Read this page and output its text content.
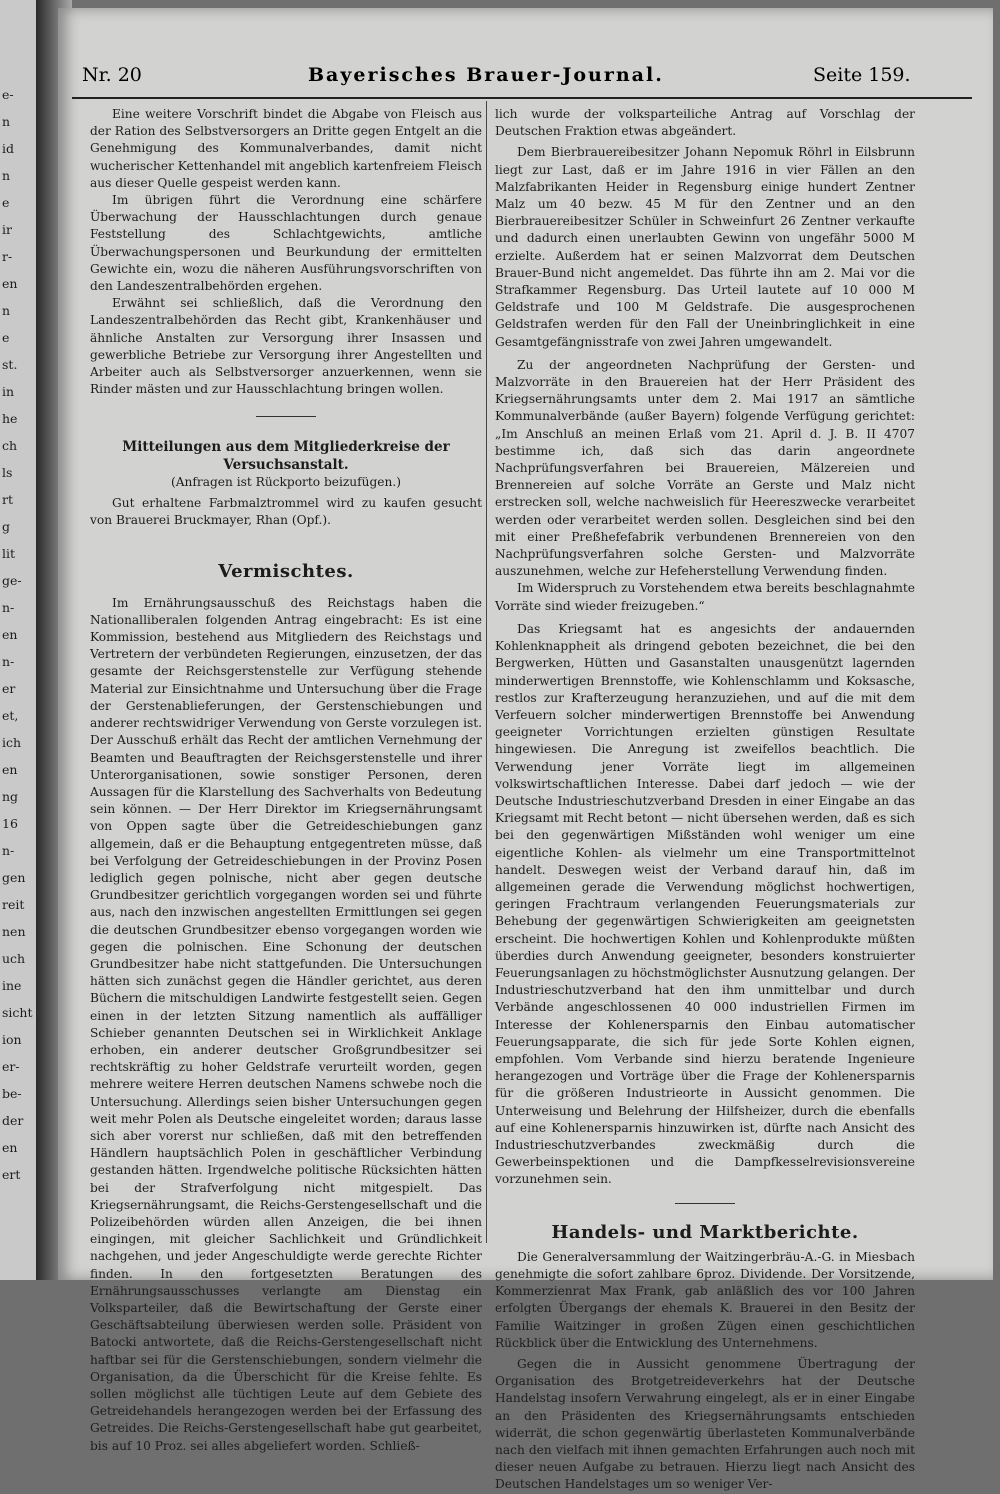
e-
n
id
n
e
ir
r-
en
n
e
st.
in
he
ch
ls
rt
g
lit
ge-
n-
en
n-
er
et,
ich
en
ng
16
n-
gen
reit
nen
uch
ine
sicht
ion
er-
be-
der
en
ert
Nr. 20	Bayerisches Brauer-Journal.	Seite 159.

Eine weitere Vorschrift bindet die Abgabe von Fleisch aus der Ration des Selbstversorgers an Dritte gegen Entgelt an die Genehmigung des Kommunalverbandes, damit nicht wucherischer Kettenhandel mit angeblich kartenfreiem Fleisch aus dieser Quelle gespeist werden kann.

Im übrigen führt die Verordnung eine schärfere Überwachung der Hausschlachtungen durch genaue Feststellung des Schlachtgewichts, amtliche Überwachungspersonen und Beurkundung der ermittelten Gewichte ein, wozu die näheren Ausführungsvorschriften von den Landeszentralbehörden ergehen.

Erwähnt sei schließlich, daß die Verordnung den Landeszentralbehörden das Recht gibt, Krankenhäuser und ähnliche Anstalten zur Versorgung ihrer Insassen und gewerbliche Betriebe zur Versorgung ihrer Angestellten und Arbeiter auch als Selbstversorger anzuerkennen, wenn sie Rinder mästen und zur Hausschlachtung bringen wollen.

Mitteilungen aus dem Mitgliederkreise der Versuchsanstalt.

(Anfragen ist Rückporto beizufügen.)

Gut erhaltene Farbmalztrommel wird zu kaufen gesucht von Brauerei Bruckmayer, Rhan (Opf.).

Vermischtes.

Im Ernährungsausschuß des Reichstags haben die Nationalliberalen folgenden Antrag eingebracht: Es ist eine Kommission, bestehend aus Mitgliedern des Reichstags und Vertretern der verbündeten Regierungen, einzusetzen, der das gesamte der Reichsgerstenstelle zur Verfügung stehende Material zur Einsichtnahme und Untersuchung über die Frage der Gerstenablieferungen, der Gerstenschiebungen und anderer rechtswidriger Verwendung von Gerste vorzulegen ist. Der Ausschuß erhält das Recht der amtlichen Vernehmung der Beamten und Beauftragten der Reichsgerstenstelle und ihrer Unterorganisationen, sowie sonstiger Personen, deren Aussagen für die Klarstellung des Sachverhalts von Bedeutung sein können. — Der Herr Direktor im Kriegsernährungsamt von Oppen sagte über die Getreideschiebungen ganz allgemein, daß er die Behauptung entgegentreten müsse, daß bei Verfolgung der Getreideschiebungen in der Provinz Posen lediglich gegen polnische, nicht aber gegen deutsche Grundbesitzer gerichtlich vorgegangen worden sei und führte aus, nach den inzwischen angestellten Ermittlungen sei gegen die deutschen Grundbesitzer ebenso vorgegangen worden wie gegen die polnischen. Eine Schonung der deutschen Grundbesitzer habe nicht stattgefunden. Die Untersuchungen hätten sich zunächst gegen die Händler gerichtet, aus deren Büchern die mitschuldigen Landwirte festgestellt seien. Gegen einen in der letzten Sitzung namentlich als auffälliger Schieber genannten Deutschen sei in Wirklichkeit Anklage erhoben, ein anderer deutscher Großgrundbesitzer sei rechtskräftig zu hoher Geldstrafe verurteilt worden, gegen mehrere weitere Herren deutschen Namens schwebe noch die Untersuchung. Allerdings seien bisher Untersuchungen gegen weit mehr Polen als Deutsche eingeleitet worden; daraus lasse sich aber vorerst nur schließen, daß mit den betreffenden Händlern hauptsächlich Polen in geschäftlicher Verbindung gestanden hätten. Irgendwelche politische Rücksichten hätten bei der Strafverfolgung nicht mitgespielt. Das Kriegsernährungsamt, die Reichs-Gerstengesellschaft und die Polizeibehörden würden allen Anzeigen, die bei ihnen eingingen, mit gleicher Sachlichkeit und Gründlichkeit nachgehen, und jeder Angeschuldigte werde gerechte Richter finden. In den fortgesetzten Beratungen des Ernährungsausschusses verlangte am Dienstag ein Volksparteiler, daß die Bewirtschaftung der Gerste einer Geschäftsabteilung überwiesen werden solle. Präsident von Batocki antwortete, daß die Reichs-Gerstengesellschaft nicht haftbar sei für die Gerstenschiebungen, sondern vielmehr die Organisation, da die Überschicht für die Kreise fehlte. Es sollen möglichst alle tüchtigen Leute auf dem Gebiete des Getreidehandels herangezogen werden bei der Erfassung des Getreides. Die Reichs-Gerstengesellschaft habe gut gearbeitet, bis auf 10 Proz. sei alles abgeliefert worden. Schließ-

lich wurde der volksparteiliche Antrag auf Vorschlag der Deutschen Fraktion etwas abgeändert.

Dem Bierbrauereibesitzer Johann Nepomuk Röhrl in Eilsbrunn liegt zur Last, daß er im Jahre 1916 in vier Fällen an den Malzfabrikanten Heider in Regensburg einige hundert Zentner Malz um 40 bezw. 45 M für den Zentner und an den Bierbrauereibesitzer Schüler in Schweinfurt 26 Zentner verkaufte und dadurch einen unerlaubten Gewinn von ungefähr 5000 M erzielte. Außerdem hat er seinen Malzvorrat dem Deutschen Brauer-Bund nicht angemeldet. Das führte ihn am 2. Mai vor die Strafkammer Regensburg. Das Urteil lautete auf 10 000 M Geldstrafe und 100 M Geldstrafe. Die ausgesprochenen Geldstrafen werden für den Fall der Uneinbringlichkeit in eine Gesamtgefängnisstrafe von zwei Jahren umgewandelt.

Zu der angeordneten Nachprüfung der Gersten- und Malzvorräte in den Brauereien hat der Herr Präsident des Kriegsernährungsamts unter dem 2. Mai 1917 an sämtliche Kommunalverbände (außer Bayern) folgende Verfügung gerichtet: „Im Anschluß an meinen Erlaß vom 21. April d. J. B. II 4707 bestimme ich, daß sich das darin angeordnete Nachprüfungsverfahren bei Brauereien, Mälzereien und Brennereien auf solche Vorräte an Gerste und Malz nicht erstrecken soll, welche nachweislich für Heereszwecke verarbeitet werden oder verarbeitet werden sollen. Desgleichen sind bei den mit einer Preßhefefabrik verbundenen Brennereien von den Nachprüfungsverfahren solche Gersten- und Malzvorräte auszunehmen, welche zur Hefeherstellung Verwendung finden.

Im Widerspruch zu Vorstehendem etwa bereits beschlagnahmte Vorräte sind wieder freizugeben.“

Das Kriegsamt hat es angesichts der andauernden Kohlenknappheit als dringend geboten bezeichnet, die bei den Bergwerken, Hütten und Gasanstalten unausgenützt lagernden minderwertigen Brennstoffe, wie Kohlenschlamm und Koksasche, restlos zur Krafterzeugung heranzuziehen, und auf die mit dem Verfeuern solcher minderwertigen Brennstoffe bei Anwendung geeigneter Vorrichtungen erzielten günstigen Resultate hingewiesen. Die Anregung ist zweifellos beachtlich. Die Verwendung jener Vorräte liegt im allgemeinen volkswirtschaftlichen Interesse. Dabei darf jedoch — wie der Deutsche Industrieschutzverband Dresden in einer Eingabe an das Kriegsamt mit Recht betont — nicht übersehen werden, daß es sich bei den gegenwärtigen Mißständen wohl weniger um eine eigentliche Kohlen- als vielmehr um eine Transportmittelnot handelt. Deswegen weist der Verband darauf hin, daß im allgemeinen gerade die Verwendung möglichst hochwertigen, geringen Frachtraum verlangenden Feuerungsmaterials zur Behebung der gegenwärtigen Schwierigkeiten am geeignetsten erscheint. Die hochwertigen Kohlen und Kohlenprodukte müßten überdies durch Anwendung geeigneter, besonders konstruierter Feuerungsanlagen zu höchstmöglichster Ausnutzung gelangen. Der Industrieschutzverband hat den ihm unmittelbar und durch Verbände angeschlossenen 40 000 industriellen Firmen im Interesse der Kohlenersparnis den Einbau automatischer Feuerungsapparate, die sich für jede Sorte Kohlen eignen, empfohlen. Vom Verbande sind hierzu beratende Ingenieure herangezogen und Vorträge über die Frage der Kohlenersparnis für die größeren Industrieorte in Aussicht genommen. Die Unterweisung und Belehrung der Hilfsheizer, durch die ebenfalls auf eine Kohlenersparnis hinzuwirken ist, dürfte nach Ansicht des Industrieschutzverbandes zweckmäßig durch die Gewerbeinspektionen und die Dampfkesselrevisionsvereine vorzunehmen sein.

Handels- und Marktberichte.

Die Generalversammlung der Waitzingerbräu-A.-G. in Miesbach genehmigte die sofort zahlbare 6proz. Dividende. Der Vorsitzende, Kommerzienrat Max Frank, gab anläßlich des vor 100 Jahren erfolgten Übergangs der ehemals K. Brauerei in den Besitz der Familie Waitzinger in großen Zügen einen geschichtlichen Rückblick über die Entwicklung des Unternehmens.

Gegen die in Aussicht genommene Übertragung der Organisation des Brotgetreideverkehrs hat der Deutsche Handelstag insofern Verwahrung eingelegt, als er in einer Eingabe an den Präsidenten des Kriegsernährungsamts entschieden widerrät, die schon gegenwärtig überlasteten Kommunalverbände nach den vielfach mit ihnen gemachten Erfahrungen auch noch mit dieser neuen Aufgabe zu betrauen. Hierzu liegt nach Ansicht des Deutschen Handelstages um so weniger Ver-
